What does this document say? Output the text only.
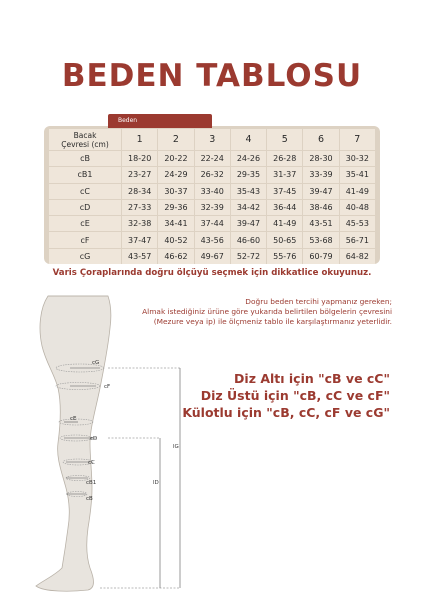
BEDEN TABLOSU
Beden
Bacak
Çevresi (cm)	1	2	3	4	5	6	7
cB	18-20	20-22	22-24	24-26	26-28	28-30	30-32
cB1	23-27	24-29	26-32	29-35	31-37	33-39	35-41
cC	28-34	30-37	33-40	35-43	37-45	39-47	41-49
cD	27-33	29-36	32-39	34-42	36-44	38-46	40-48
cE	32-38	34-41	37-44	39-47	41-49	43-51	45-53
cF	37-47	40-52	43-56	46-60	50-65	53-68	56-71
cG	43-57	46-62	49-67	52-72	55-76	60-79	64-82
Varis Çoraplarında doğru ölçüyü seçmek için dikkatlice okuyunuz.
Doğru beden tercihi yapmanız gereken;
Almak istediğiniz ürüne göre yukarıda belirtilen bölgelerin çevresini
(Mezure veya ip) ile ölçmeniz tablo ile karşılaştırmanız yeterlidir.
Diz Altı için "cB ve cC"
Diz Üstü için "cB, cC ve cF"
Külotlu için "cB, cC, cF ve cG"
cG
cF
cE
cD
cC
cB1
cB
lG
lD
